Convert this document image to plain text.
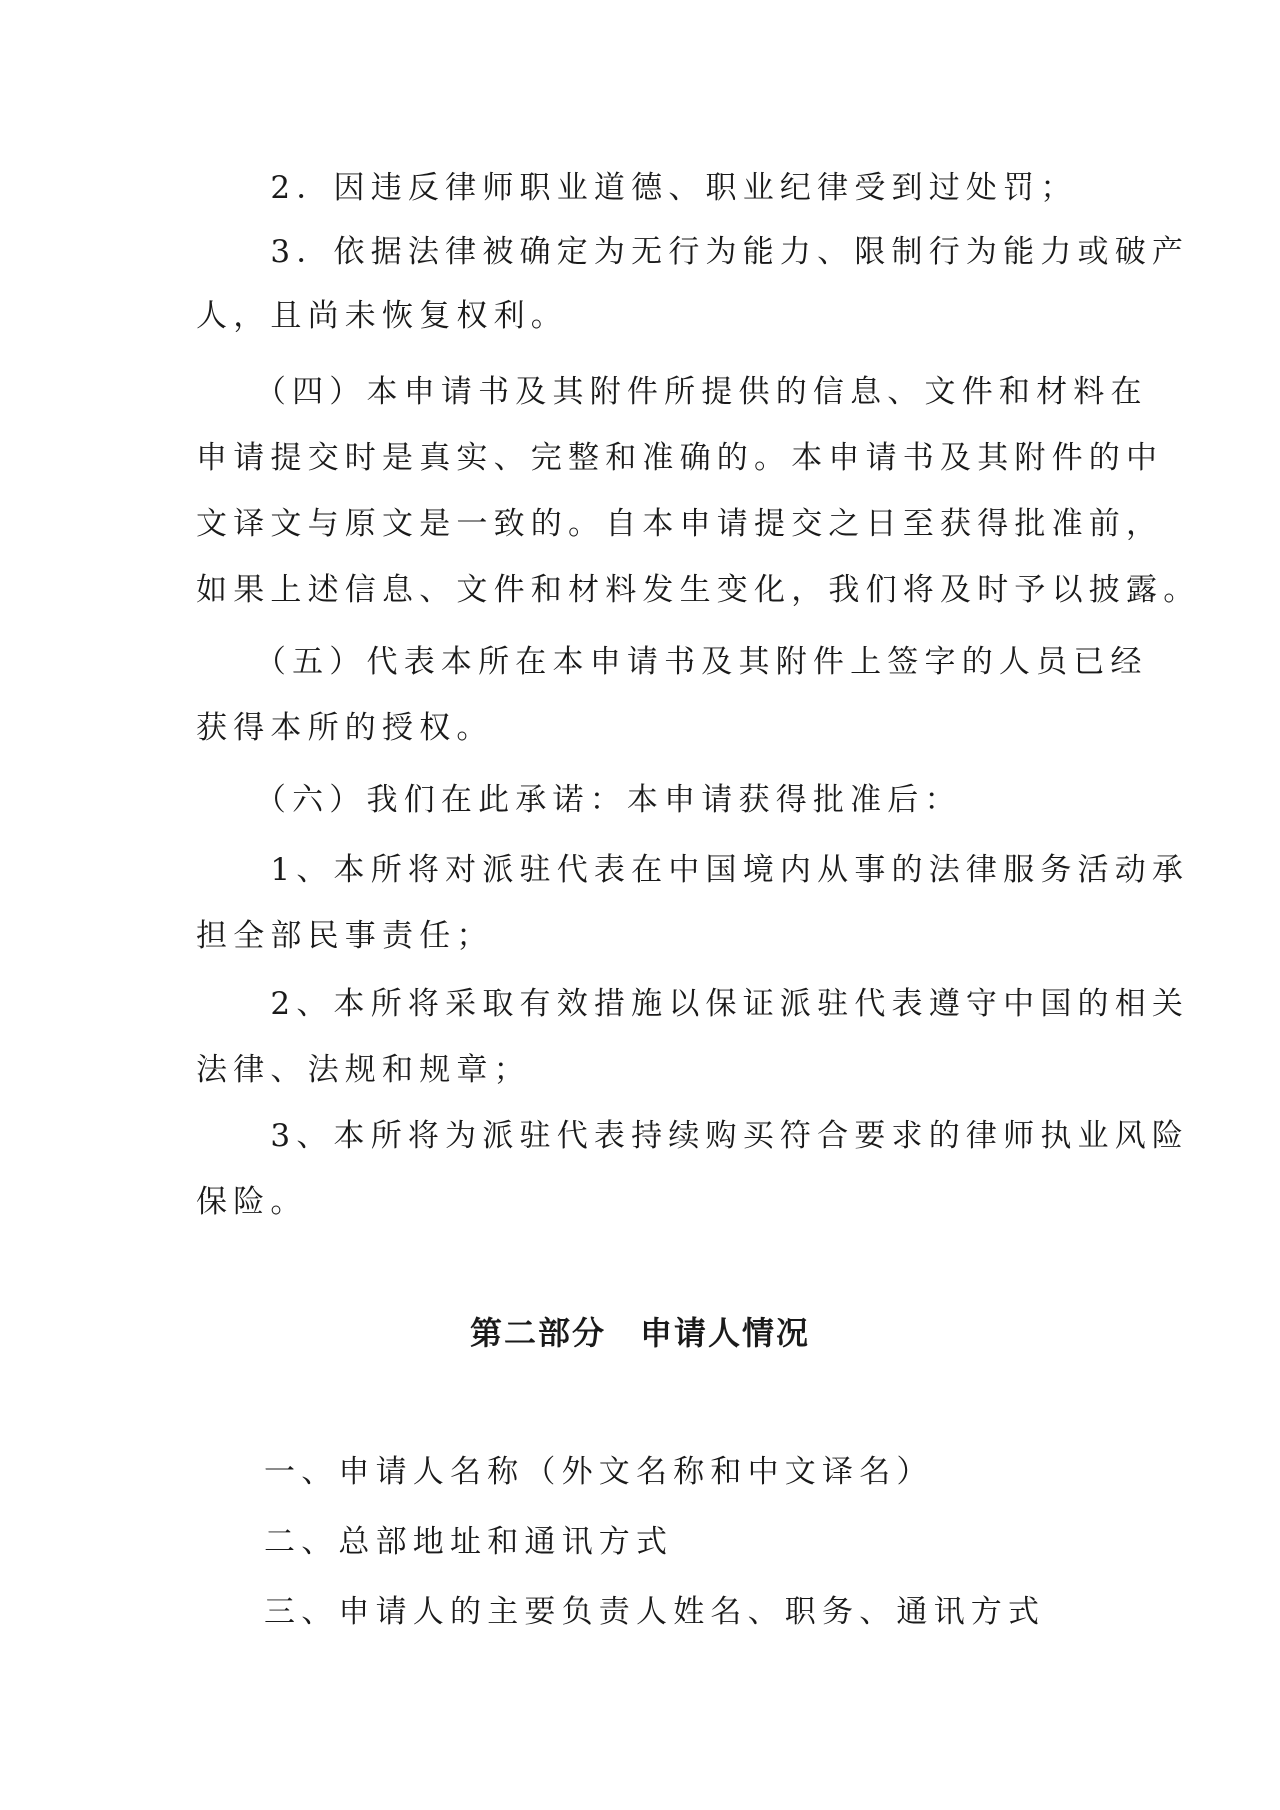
　　2．因违反律师职业道德、职业纪律受到过处罚；
　　3．依据法律被确定为无行为能力、限制行为能力或破产
人，且尚未恢复权利。
　　（四）本申请书及其附件所提供的信息、文件和材料在
申请提交时是真实、完整和准确的。本申请书及其附件的中
文译文与原文是一致的。自本申请提交之日至获得批准前，
如果上述信息、文件和材料发生变化，我们将及时予以披露。
　　（五）代表本所在本申请书及其附件上签字的人员已经
获得本所的授权。
　　（六）我们在此承诺：本申请获得批准后：
　　1、本所将对派驻代表在中国境内从事的法律服务活动承
担全部民事责任；
　　2、本所将采取有效措施以保证派驻代表遵守中国的相关
法律、法规和规章；
　　3、本所将为派驻代表持续购买符合要求的律师执业风险
保险。
第二部分　申请人情况
一、申请人名称（外文名称和中文译名）
二、总部地址和通讯方式
三、申请人的主要负责人姓名、职务、通讯方式
